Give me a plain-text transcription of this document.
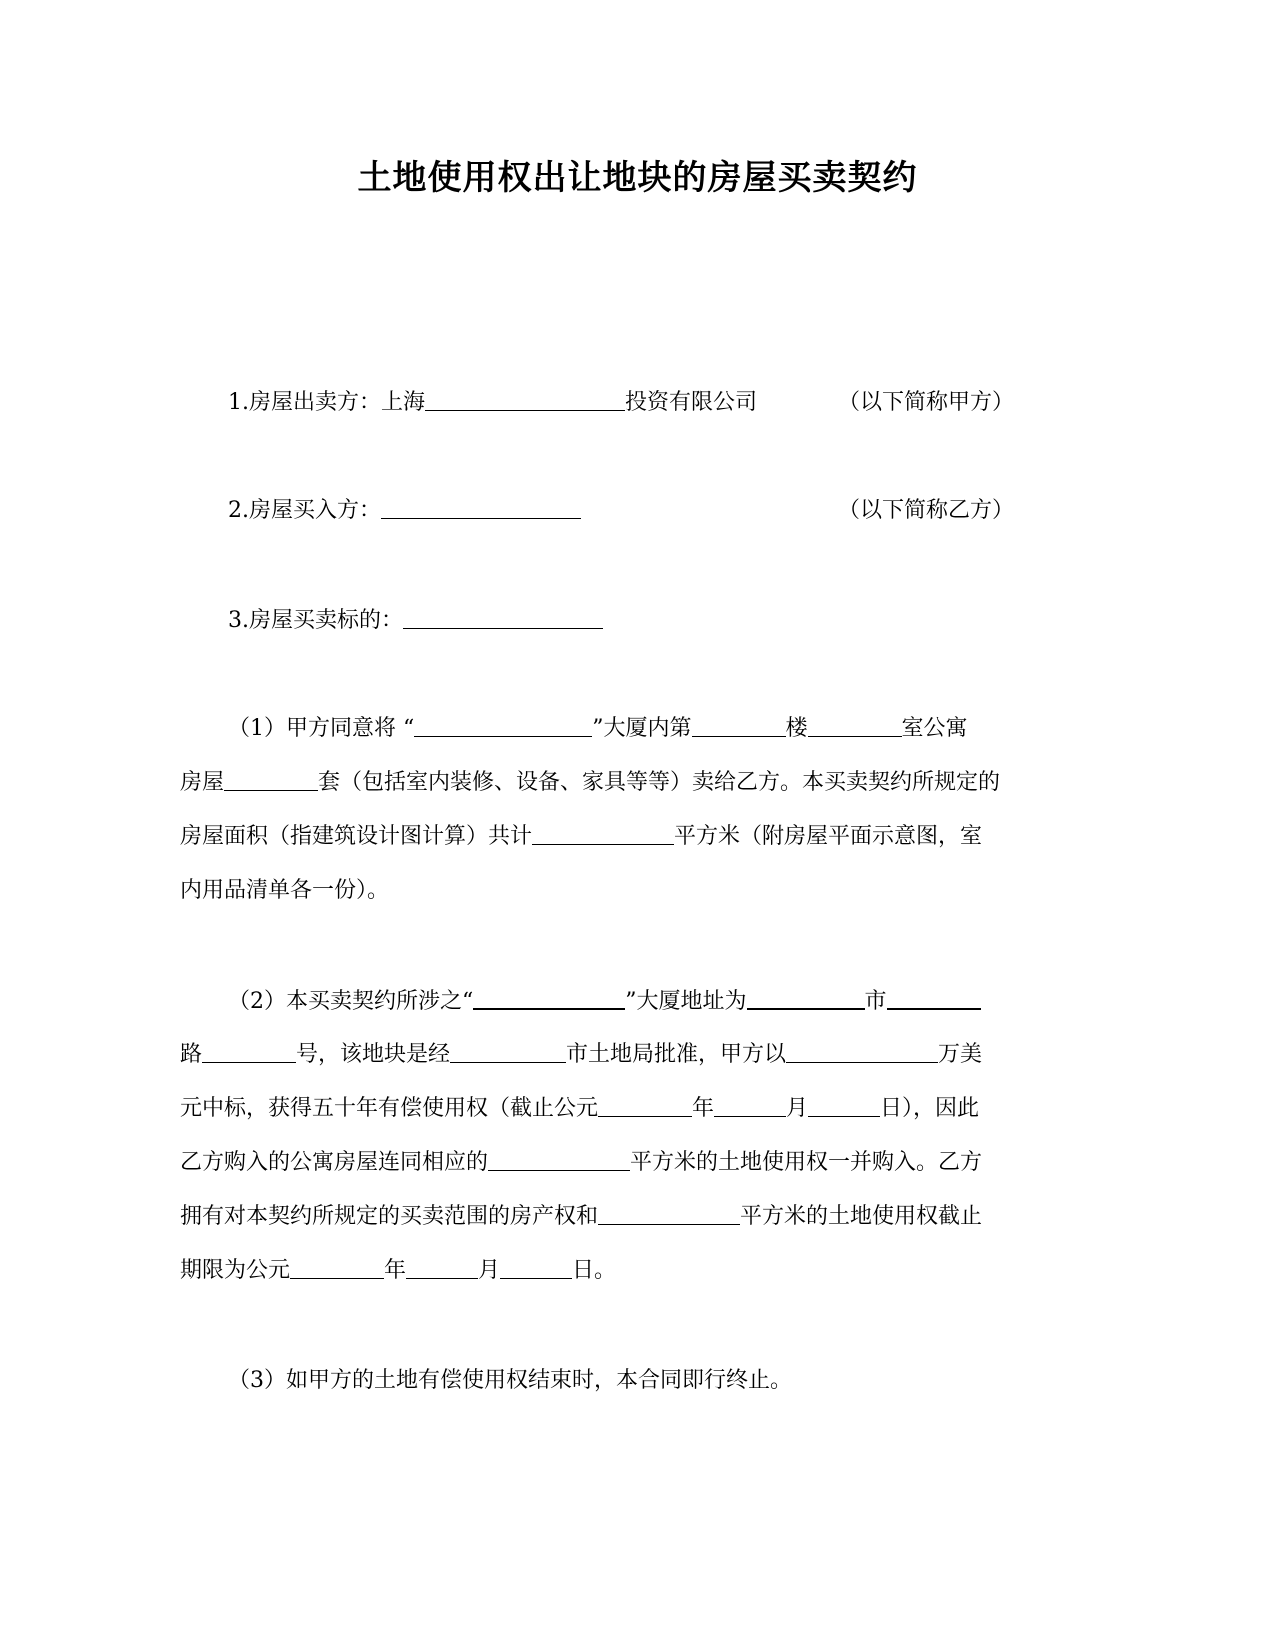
土地使用权出让地块的房屋买卖契约
1.房屋出卖方：上海	投资有限公司	（以下简称甲方）
2.房屋买入方：	（以下简称乙方）
3.房屋买卖标的：
（1）甲方同意将 “	”大厦内第	楼	室公寓
房屋	套（包括室内装修、设备、家具等等）卖给乙方。本买卖契约所规定的
房屋面积（指建筑设计图计算）共计	平方米（附房屋平面示意图，室
内用品清单各一份）。
（2）本买卖契约所涉之“	”大厦地址为	市
路	号，该地块是经	市土地局批准，甲方以	万美
元中标，获得五十年有偿使用权（截止公元	年	月	日），因此
乙方购入的公寓房屋连同相应的	平方米的土地使用权一并购入。乙方
拥有对本契约所规定的买卖范围的房产权和	平方米的土地使用权截止
期限为公元	年	月	日。
（3）如甲方的土地有偿使用权结束时，本合同即行终止。
